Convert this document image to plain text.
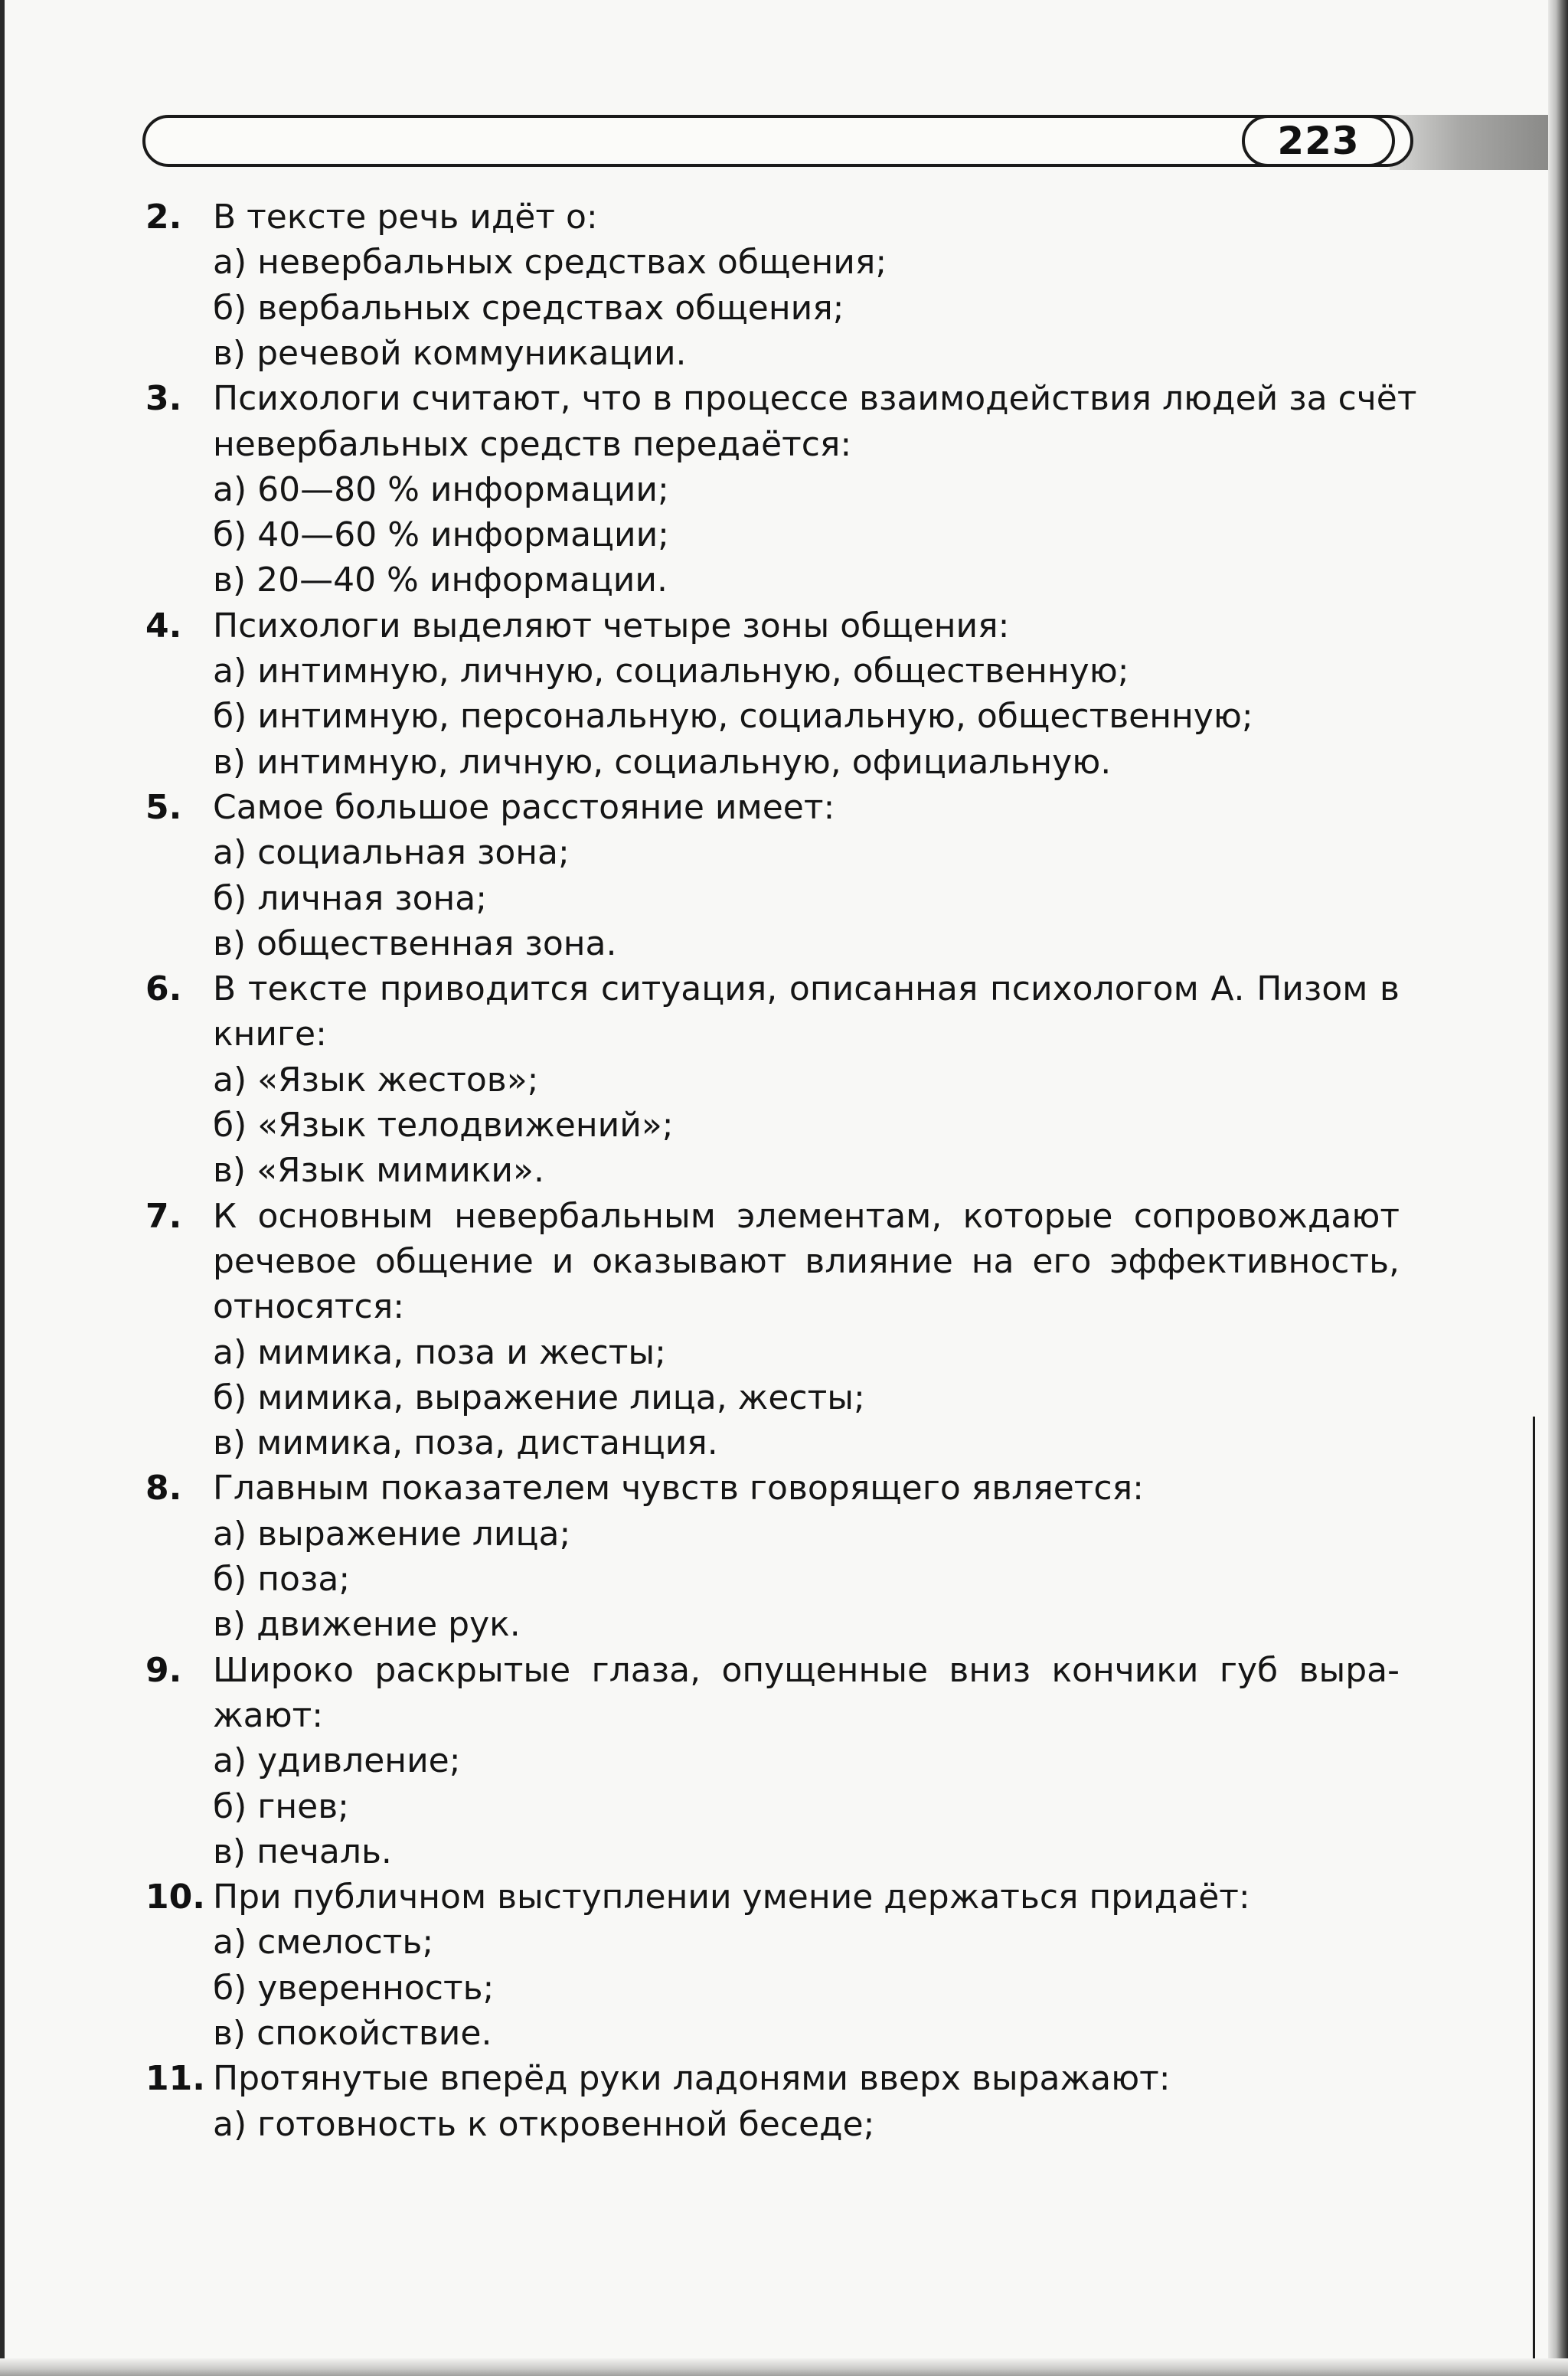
223
2. В тексте речь идёт о:
а) невербальных средствах общения;
б) вербальных средствах общения;
в) речевой коммуникации.
3. Психологи считают, что в процессе взаимодействия людей за счёт
невербальных средств передаётся:
а) 60—80 % информации;
б) 40—60 % информации;
в) 20—40 % информации.
4. Психологи выделяют четыре зоны общения:
а) интимную, личную, социальную, общественную;
б) интимную, персональную, социальную, общественную;
в) интимную, личную, социальную, официальную.
5. Самое большое расстояние имеет:
а) социальная зона;
б) личная зона;
в) общественная зона.
6. В тексте приводится ситуация, описанная психологом А. Пизом в
книге:
а) «Язык жестов»;
б) «Язык телодвижений»;
в) «Язык мимики».
7. К основным невербальным элементам, которые сопровождают
речевое общение и оказывают влияние на его эффективность,
относятся:
а) мимика, поза и жесты;
б) мимика, выражение лица, жесты;
в) мимика, поза, дистанция.
8. Главным показателем чувств говорящего является:
а) выражение лица;
б) поза;
в) движение рук.
9. Широко раскрытые глаза, опущенные вниз кончики губ выра-
жают:
а) удивление;
б) гнев;
в) печаль.
10. При публичном выступлении умение держаться придаёт:
а) смелость;
б) уверенность;
в) спокойствие.
11. Протянутые вперёд руки ладонями вверх выражают:
а) готовность к откровенной беседе;
